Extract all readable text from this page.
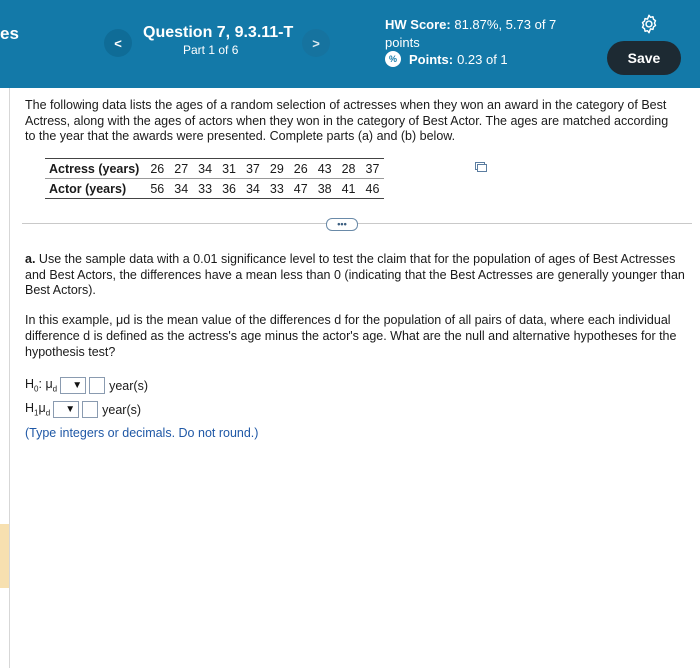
es	<
Question 7, 9.3.11-T
Part 1 of 6	>
HW Score: 81.87%, 5.73 of 7 points
% Points: 0.23 of 1	Save
The following data lists the ages of a random selection of actresses when they won an award in the category of Best Actress, along with the ages of actors when they won in the category of Best Actor. The ages are matched according to the year that the awards were presented. Complete parts (a) and (b) below.
Actress (years)	26	27	34	31	37	29	26	43	28	37
Actor (years)	56	34	33	36	34	33	47	38	41	46
•••
a. Use the sample data with a 0.01 significance level to test the claim that for the population of ages of Best Actresses and Best Actors, the differences have a mean less than 0 (indicating that the Best Actresses are generally younger than Best Actors).
In this example, μd is the mean value of the differences d for the population of all pairs of data, where each individual difference d is defined as the actress's age minus the actor's age. What are the null and alternative hypotheses for the hypothesis test?
$H_0$: $\mu_d$ ▼ year(s)
$H_1\mu_d$ ▼ year(s)
(Type integers or decimals. Do not round.)
